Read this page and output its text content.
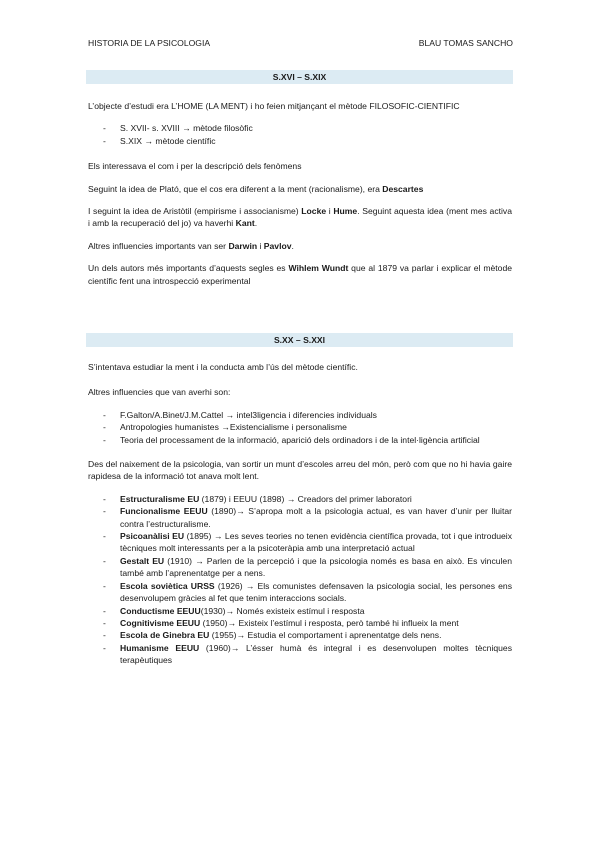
HISTORIA DE LA PSICOLOGIA	BLAU TOMAS SANCHO
S.XVI – S.XIX

L’objecte d’estudi era L’HOME (LA MENT) i ho feien mitjançant el mètode FILOSOFIC-CIENTIFIC

- S. XVII- s. XVIII → mètode filosòfic
- S.XIX → mètode científic

Els interessava el com i per la descripció dels fenòmens

Seguint la idea de Plató, que el cos era diferent a la ment (racionalisme), era Descartes

I seguint la idea de Aristòtil (empirisme i associanisme) Locke i Hume. Seguint aquesta idea (ment mes activa i amb la recuperació del jo) va haverhi Kant.

Altres influencies importants van ser Darwin i Pavlov.

Un dels autors més importants d’aquests segles es Wihlem Wundt que al 1879 va parlar i explicar el mètode científic fent una introspecció experimental

S.XX – S.XXI

S’intentava estudiar la ment i la conducta amb l’ús del mètode científic.

Altres influencies que van averhi son:

- F.Galton/A.Binet/J.M.Cattel → intel3ligencia i diferencies individuals
- Antropologies humanistes →Existencialisme i personalisme
- Teoria del processament de la informació, aparició dels ordinadors i de la intel·ligència artificial

Des del naixement de la psicologia, van sortir un munt d’escoles arreu del món, però com que no hi havia gaire rapidesa de la informació tot anava molt lent.

- Estructuralisme EU (1879) i EEUU (1898) → Creadors del primer laboratori
- Funcionalisme EEUU (1890)→ S’apropa molt a la psicologia actual, es van haver d’unir per lluitar contra l’estructuralisme.
- Psicoanàlisi EU (1895) → Les seves teories no tenen evidència científica provada, tot i que introdueix tècniques molt interessants per a la psicoteràpia amb una interpretació actual
- Gestalt EU (1910) → Parlen de la percepció i que la psicologia només es basa en això. Es vinculen també amb l’aprenentatge per a nens.
- Escola soviètica URSS (1926) → Els comunistes defensaven la psicologia social, les persones ens desenvolupem gràcies al fet que tenim interaccions socials.
- Conductisme EEUU(1930)→ Només existeix estímul i resposta
- Cognitivisme EEUU (1950)→ Existeix l’estímul i resposta, però també hi influeix la ment
- Escola de Ginebra EU (1955)→ Estudia el comportament i aprenentatge dels nens.
- Humanisme EEUU (1960)→ L’ésser humà és integral i es desenvolupen moltes tècniques terapèutiques
